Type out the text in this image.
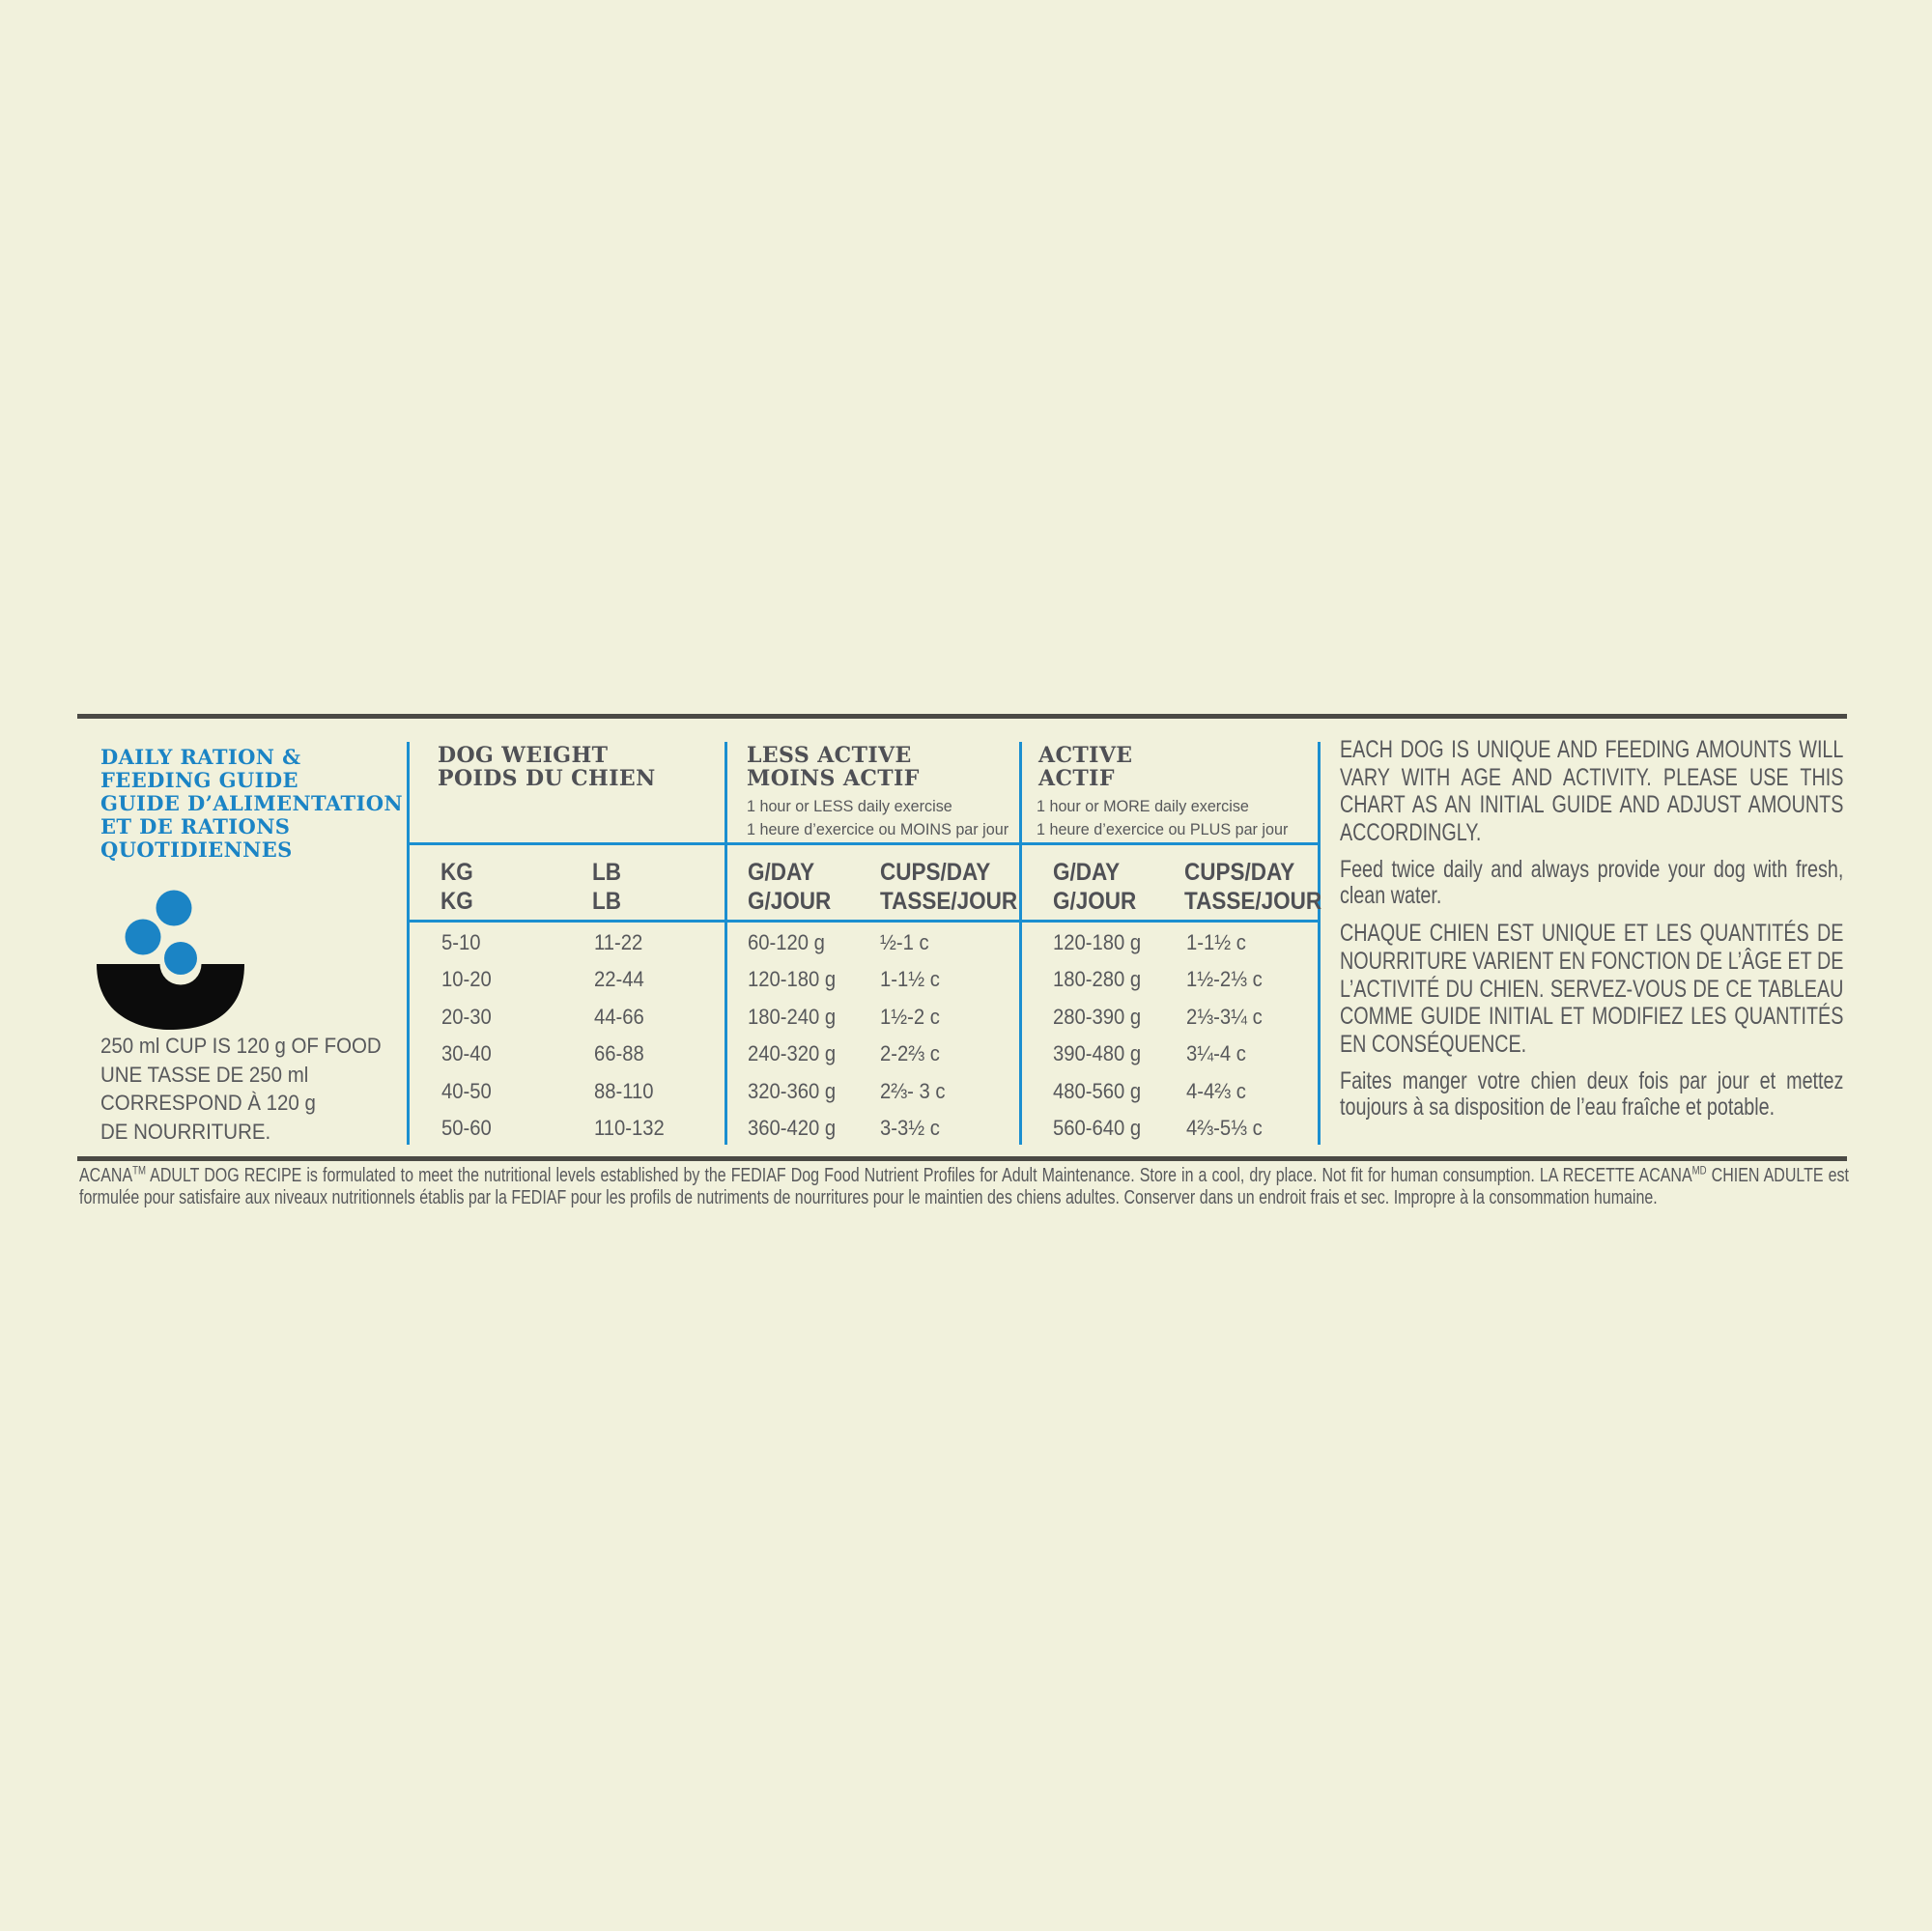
DAILY RATION &
FEEDING GUIDE
GUIDE D’ALIMENTATION
ET DE RATIONS
QUOTIDIENNES
250 ml CUP IS 120 g OF FOOD
UNE TASSE DE 250 ml
CORRESPOND À 120 g
DE NOURRITURE.
DOG WEIGHT
POIDS DU CHIEN
LESS ACTIVE
MOINS ACTIF
1 hour or LESS daily exercise
1 heure d’exercice ou MOINS par jour
ACTIVE
ACTIF
1 hour or MORE daily exercise
1 heure d’exercice ou PLUS par jour
KG
KG
LB
LB
G/DAY
G/JOUR
CUPS/DAY
TASSE/JOUR
G/DAY
G/JOUR
CUPS/DAY
TASSE/JOUR
5-10	11-22	60-120 g	½-1 c	120-180 g 1-1½ c
10-20	22-44	120-180 g 1-1½ c	180-280 g 1½-2⅓ c
20-30	44-66	180-240 g 1½-2 c	280-390 g 2⅓-3¼ c
30-40	66-88	240-320 g 2-2⅔ c	390-480 g 3¼-4 c
40-50	88-110	320-360 g 2⅔- 3 c	480-560 g 4-4⅔ c
50-60	110-132	360-420 g 3-3½ c	560-640 g 4⅔-5⅓ c

EACH DOG IS UNIQUE AND FEEDING AMOUNTS WILL VARY WITH AGE AND ACTIVITY. PLEASE USE THIS CHART AS AN INITIAL GUIDE AND ADJUST AMOUNTS ACCORDINGLY.

Feed twice daily and always provide your dog with fresh, clean water.

CHAQUE CHIEN EST UNIQUE ET LES QUANTITÉS DE NOURRITURE VARIENT EN FONCTION DE L’ÂGE ET DE L’ACTIVITÉ DU CHIEN. SERVEZ-VOUS DE CE TABLEAU COMME GUIDE INITIAL ET MODIFIEZ LES QUANTITÉS EN CONSÉQUENCE.

Faites manger votre chien deux fois par jour et mettez toujours à sa disposition de l’eau fraîche et potable.

ACANA™ ADULT DOG RECIPE is formulated to meet the nutritional levels established by the FEDIAF Dog Food Nutrient Profiles for Adult Maintenance. Store in a cool, dry place. Not fit for human consumption. LA RECETTE $ACANA^{MD}$ CHIEN ADULTE est formulée pour satisfaire aux niveaux nutritionnels établis par la FEDIAF pour les profils de nutriments de nourritures pour le maintien des chiens adultes. Conserver dans un endroit frais et sec. Impropre à la consommation humaine.
